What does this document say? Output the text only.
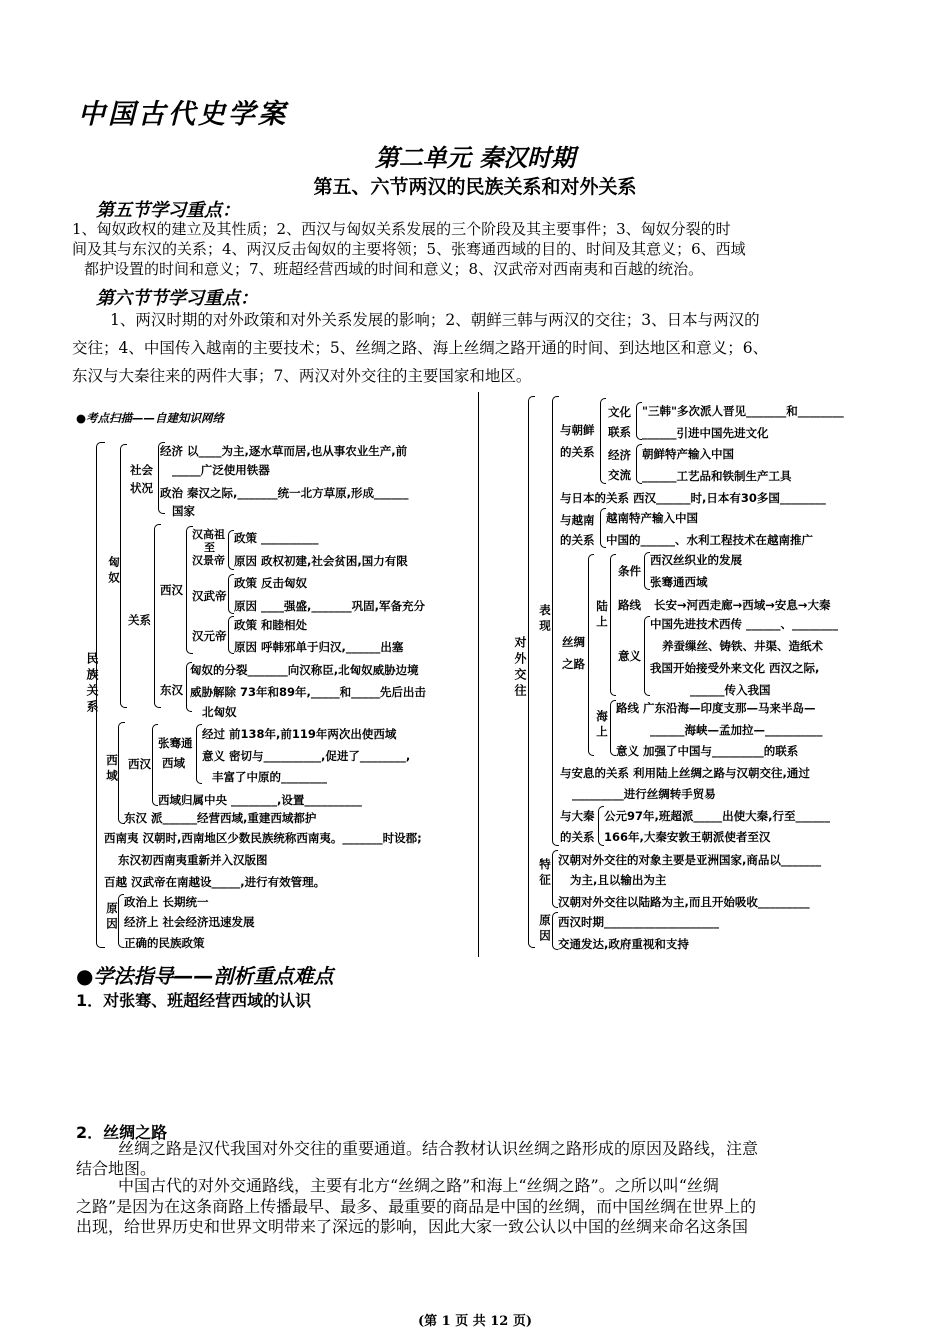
中国古代史学案
第二单元 秦汉时期
第五、六节两汉的民族关系和对外关系
第五节学习重点：
1、匈奴政权的建立及其性质；2、西汉与匈奴关系发展的三个阶段及其主要事件；3、匈奴分裂的时
间及其与东汉的关系；4、两汉反击匈奴的主要将领；5、张骞通西域的目的、时间及其意义；6、西域
都护设置的时间和意义；7、班超经营西域的时间和意义；8、汉武帝对西南夷和百越的统治。
第六节节学习重点：
1、两汉时期的对外政策和对外关系发展的影响；2、朝鲜三韩与两汉的交往；3、日本与两汉的
交往；4、中国传入越南的主要技术；5、丝绸之路、海上丝绸之路开通的时间、到达地区和意义；6、
东汉与大秦往来的两件大事；7、两汉对外交往的主要国家和地区。
●考点扫描——自建知识网络
民族关系
匈奴
社会
状况
经济 以____为主,逐水草而居,也从事农业生产,前
_____广泛使用铁器
政治 秦汉之际,_______统一北方草原,形成______
国家
关系
西汉
汉高祖
至
汉景帝
政策 __________
原因 政权初建,社会贫困,国力有限
汉武帝
政策 反击匈奴
原因 ____强盛,_______巩固,军备充分
汉元帝
政策 和睦相处
原因 呼韩邪单于归汉,______出塞
东汉
匈奴的分裂_______向汉称臣,北匈奴威胁边境
威胁解除 73年和89年,_____和_____先后出击
北匈奴
西域 西汉
张骞通
西域
经过 前138年,前119年两次出使西域
意义 密切与__________,促进了________,
丰富了中原的________
西域归属中央 ________,设置__________
东汉 派______经营西域,重建西域都护
西南夷 汉朝时,西南地区少数民族统称西南夷。_______时设郡;
东汉初西南夷重新并入汉版图
百越 汉武帝在南越设_____,进行有效管理。
原因 政治上 长期统一
经济上 社会经济迅速发展
正确的民族政策
对外交往
表现
与朝鲜
的关系
文化
联系
"三韩"多次派人晋见_______和________
______引进中国先进文化
经济
交流
朝鲜特产输入中国
______工艺品和铁制生产工具
与日本的关系 西汉______时,日本有30多国________
与越南
的关系
越南特产输入中国
中国的______、水利工程技术在越南推广
丝绸
之路
陆上
条件
西汉丝织业的发展
张骞通西域
路线 长安→河西走廊→西域→安息→大秦
意义
中国先进技术西传 ______、________
养蚕缫丝、铸铁、井渠、造纸术
我国开始接受外来文化 西汉之际,
______传入我国
海上
路线 广东沿海—印度支那—马来半岛—
______海峡—孟加拉—__________
意义 加强了中国与_________的联系
与安息的关系 利用陆上丝绸之路与汉朝交往,通过
_________进行丝绸转手贸易
与大秦
的关系
公元97年,班超派_____出使大秦,行至______
166年,大秦安敦王朝派使者至汉
特征 汉朝对外交往的对象主要是亚洲国家,商品以_______
为主,且以输出为主
汉朝对外交往以陆路为主,而且开始吸收_________
原因 西汉时期____________________
交通发达,政府重视和支持
●学法指导——剖析重点难点
1．对张骞、班超经营西域的认识
2．丝绸之路
丝绸之路是汉代我国对外交往的重要通道。结合教材认识丝绸之路形成的原因及路线，注意
结合地图。
中国古代的对外交通路线，主要有北方“丝绸之路”和海上“丝绸之路”。之所以叫“丝绸
之路”是因为在这条商路上传播最早、最多、最重要的商品是中国的丝绸，而中国丝绸在世界上的
出现，给世界历史和世界文明带来了深远的影响，因此大家一致公认以中国的丝绸来命名这条国
(第 1 页 共 12 页)
